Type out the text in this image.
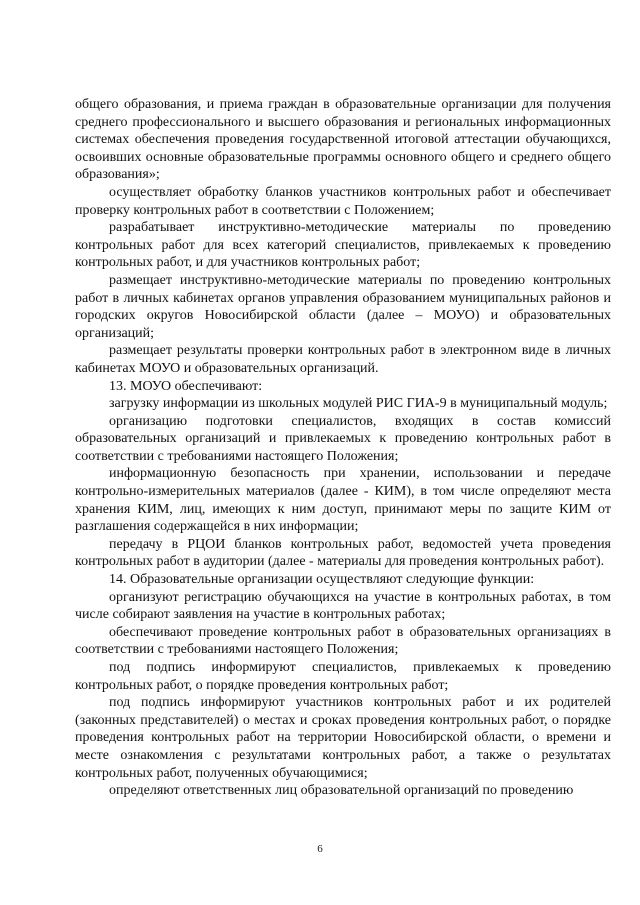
общего образования, и приема граждан в образовательные организации для получения среднего профессионального и высшего образования и региональных информационных системах обеспечения проведения государственной итоговой аттестации обучающихся, освоивших основные образовательные программы основного общего и среднего общего образования»;

осуществляет обработку бланков участников контрольных работ и обеспечивает проверку контрольных работ в соответствии с Положением;

разрабатывает инструктивно-методические материалы по проведению контрольных работ для всех категорий специалистов, привлекаемых к проведению контрольных работ, и для участников контрольных работ;

размещает инструктивно-методические материалы по проведению контрольных работ в личных кабинетах органов управления образованием муниципальных районов и городских округов Новосибирской области (далее – МОУО) и образовательных организаций;

размещает результаты проверки контрольных работ в электронном виде в личных кабинетах МОУО и образовательных организаций.

13. МОУО обеспечивают:

загрузку информации из школьных модулей РИС ГИА-9 в муниципальный модуль;

организацию подготовки специалистов, входящих в состав комиссий образовательных организаций и привлекаемых к проведению контрольных работ в соответствии с требованиями настоящего Положения;

информационную безопасность при хранении, использовании и передаче контрольно-измерительных материалов (далее - КИМ), в том числе определяют места хранения КИМ, лиц, имеющих к ним доступ, принимают меры по защите КИМ от разглашения содержащейся в них информации;

передачу в РЦОИ бланков контрольных работ, ведомостей учета проведения контрольных работ в аудитории (далее - материалы для проведения контрольных работ).

14. Образовательные организации осуществляют следующие функции:

организуют регистрацию обучающихся на участие в контрольных работах, в том числе собирают заявления на участие в контрольных работах;

обеспечивают проведение контрольных работ в образовательных организациях в соответствии с требованиями настоящего Положения;

под подпись информируют специалистов, привлекаемых к проведению контрольных работ, о порядке проведения контрольных работ;

под подпись информируют участников контрольных работ и их родителей (законных представителей) о местах и сроках проведения контрольных работ, о порядке проведения контрольных работ на территории Новосибирской области, о времени и месте ознакомления с результатами контрольных работ, а также о результатах контрольных работ, полученных обучающимися;

определяют ответственных лиц образовательной организаций по проведению

6
